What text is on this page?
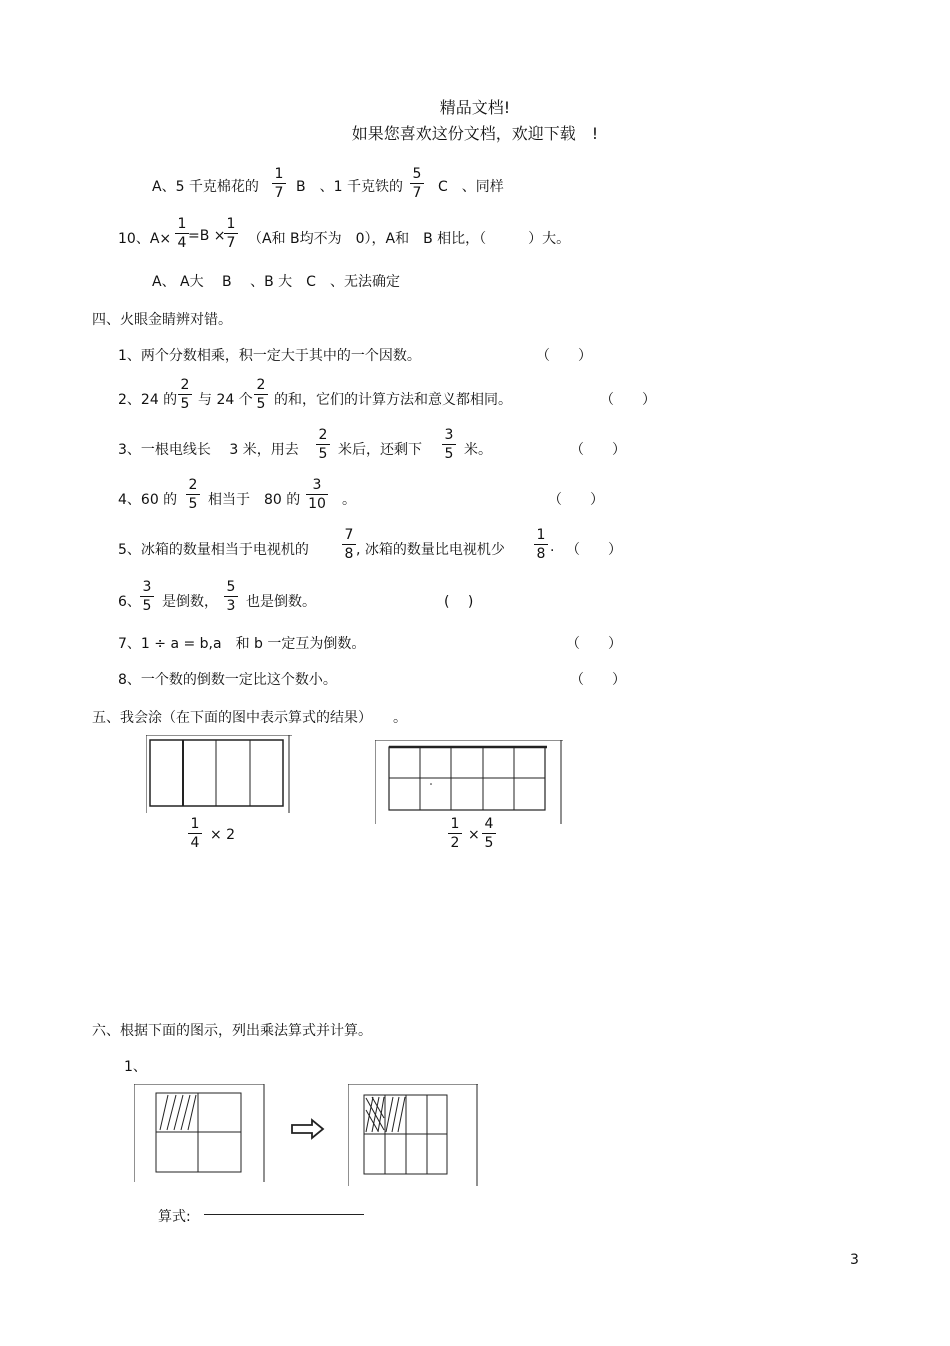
精品文档!
如果您喜欢这份文档，欢迎下载　!
A、5 千克棉花的
1
7 B　、1 千克铁的
5
7 C　、同样
10、A×
1
4 =B ×
1
7 （A和 B均不为　0），A和　B 相比，（　　　）大。
A、 A大　 B　 、B 大　C　、无法确定
四、火眼金睛辨对错。
1、两个分数相乘，积一定大于其中的一个因数。	（　　）
2、24 的
2
5 与 24 个
2
5 的和，它们的计算方法和意义都相同。	（　　）
3、一根电线长　 3 米，用去
2
5 米后，还剩下
3
5 米。	（　　）
4、60 的
2
5 相当于　80 的
3
10 。	（　　）
5、冰箱的数量相当于电视机的
7
8 , 冰箱的数量比电视机少
1
8 . （　　）
6、
3
5 是倒数，
5
3 也是倒数。	(　 )
7、1 ÷ a = b,a　和 b 一定互为倒数。	（　　）
8、一个数的倒数一定比这个数小。	（　　）
五、我会涂（在下面的图中表示算式的结果）　　。
1
4 × 2
1
2 ×
4
5
六、根据下面的图示，列出乘法算式并计算。
1、
算式:
3
